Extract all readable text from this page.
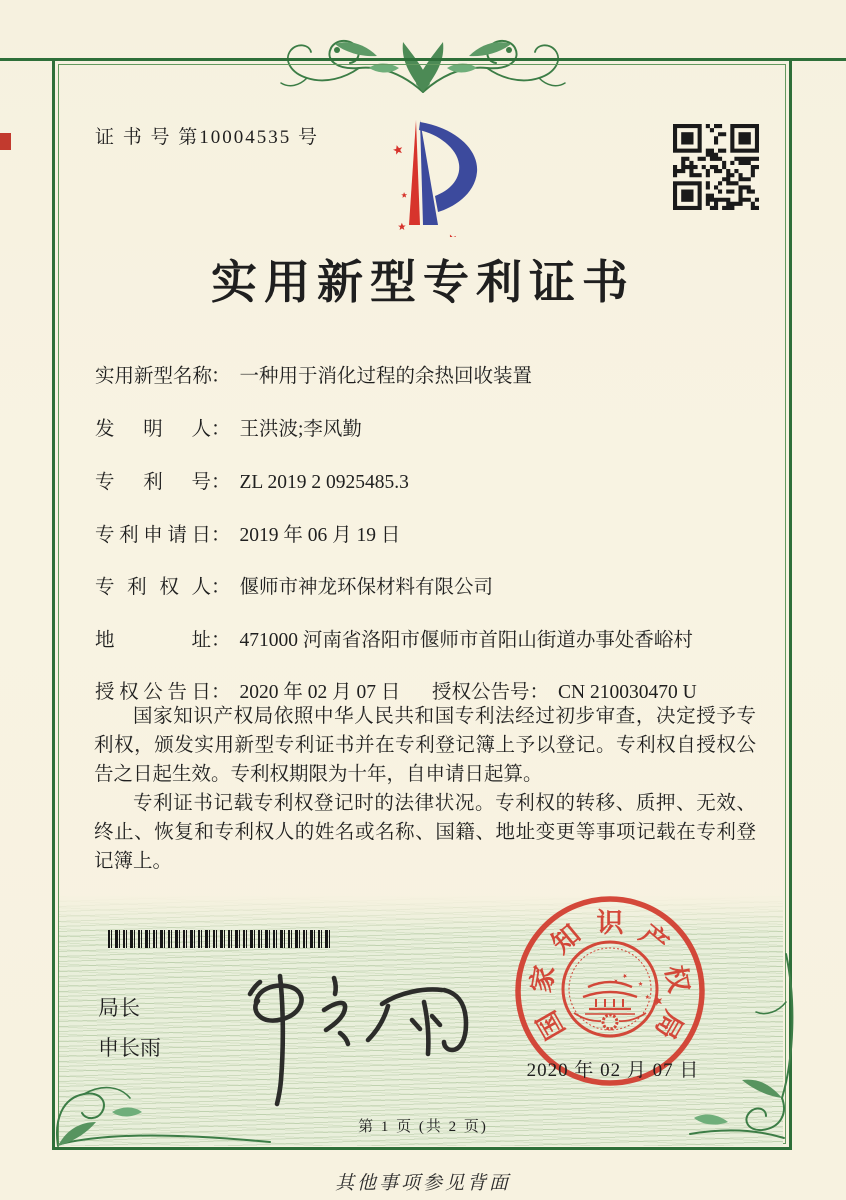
证 书 号 第10004535 号
实用新型专利证书
实用新型名称： 一种用于消化过程的余热回收装置
发明人： 王洪波;李风勤
专利号： ZL 2019 2 0925485.3
专利申请日： 2019 年 06 月 19 日
专利权人： 偃师市神龙环保材料有限公司
地址： 471000 河南省洛阳市偃师市首阳山街道办事处香峪村
授权公告日： 2020 年 02 月 07 日 授权公告号： CN 210030470 U

国家知识产权局依照中华人民共和国专利法经过初步审查，决定授予专利权，颁发实用新型专利证书并在专利登记簿上予以登记。专利权自授权公告之日起生效。专利权期限为十年，自申请日起算。

专利证书记载专利权登记时的法律状况。专利权的转移、质押、无效、终止、恢复和专利权人的姓名或名称、国籍、地址变更等事项记载在专利登记簿上。

局长
申长雨
国
家
知 识 产
权
局
2020 年 02 月 07 日
第 1 页 (共 2 页)
其他事项参见背面
